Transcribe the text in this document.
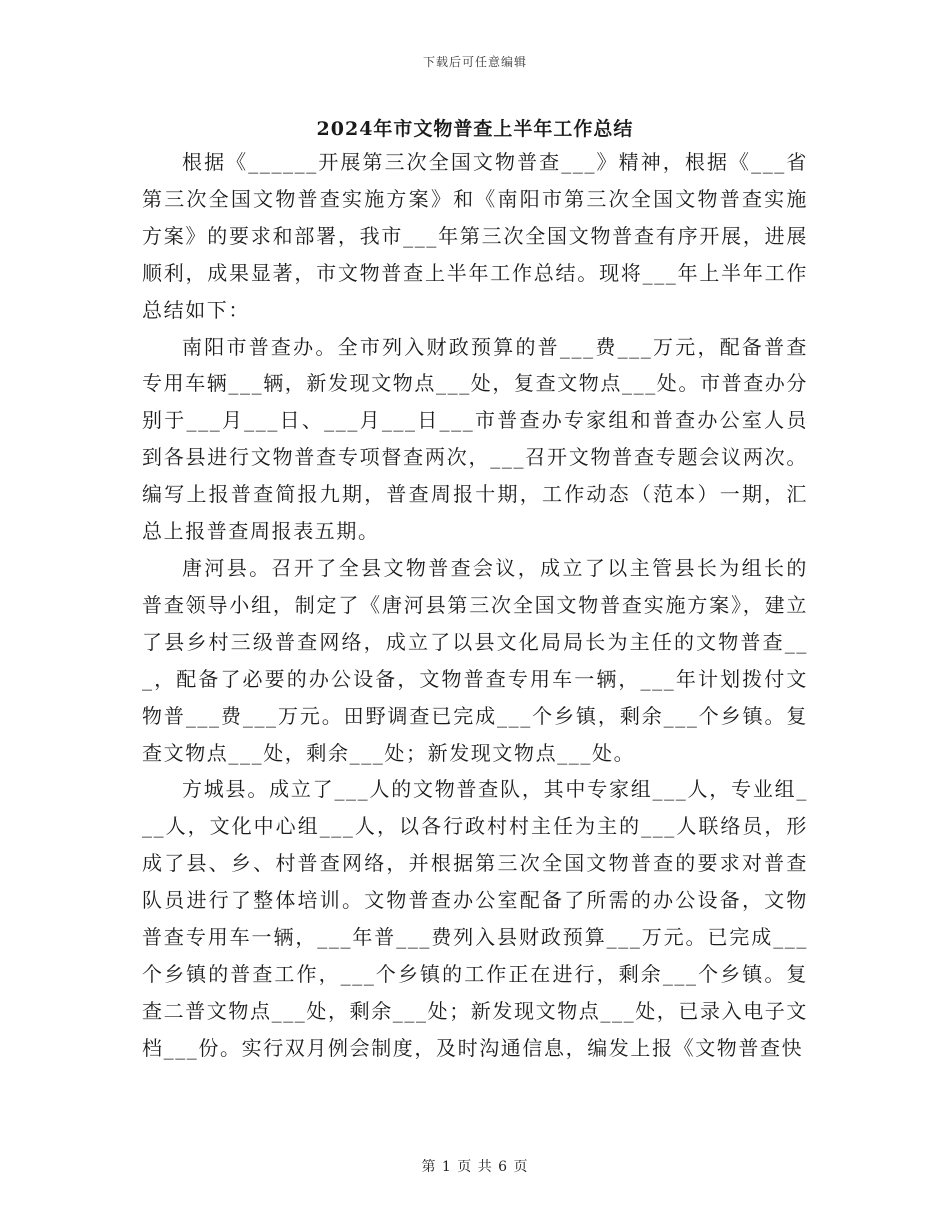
下载后可任意编辑
2024年市文物普查上半年工作总结

根据《______开展第三次全国文物普查___》精神，根据《___省第三次全国文物普查实施方案》和《南阳市第三次全国文物普查实施方案》的要求和部署，我市___年第三次全国文物普查有序开展，进展顺利，成果显著，市文物普查上半年工作总结。现将___年上半年工作总结如下：

南阳市普查办。全市列入财政预算的普___费___万元，配备普查专用车辆___辆，新发现文物点___处，复查文物点___处。市普查办分别于___月___日、___月___日___市普查办专家组和普查办公室人员到各县进行文物普查专项督查两次，___召开文物普查专题会议两次。编写上报普查简报九期，普查周报十期，工作动态（范本）一期，汇总上报普查周报表五期。

唐河县。召开了全县文物普查会议，成立了以主管县长为组长的普查领导小组，制定了《唐河县第三次全国文物普查实施方案》，建立了县乡村三级普查网络，成立了以县文化局局长为主任的文物普查___，配备了必要的办公设备，文物普查专用车一辆，___年计划拨付文物普___费___万元。田野调查已完成___个乡镇，剩余___个乡镇。复查文物点___处，剩余___处；新发现文物点___处。

方城县。成立了___人的文物普查队，其中专家组___人，专业组___人，文化中心组___人，以各行政村村主任为主的___人联络员，形成了县、乡、村普查网络，并根据第三次全国文物普查的要求对普查队员进行了整体培训。文物普查办公室配备了所需的办公设备，文物普查专用车一辆，___年普___费列入县财政预算___万元。已完成___个乡镇的普查工作，___个乡镇的工作正在进行，剩余___个乡镇。复查二普文物点___处，剩余___处；新发现文物点___处，已录入电子文档___份。实行双月例会制度，及时沟通信息，编发上报《文物普查快

第 1 页 共 6 页
